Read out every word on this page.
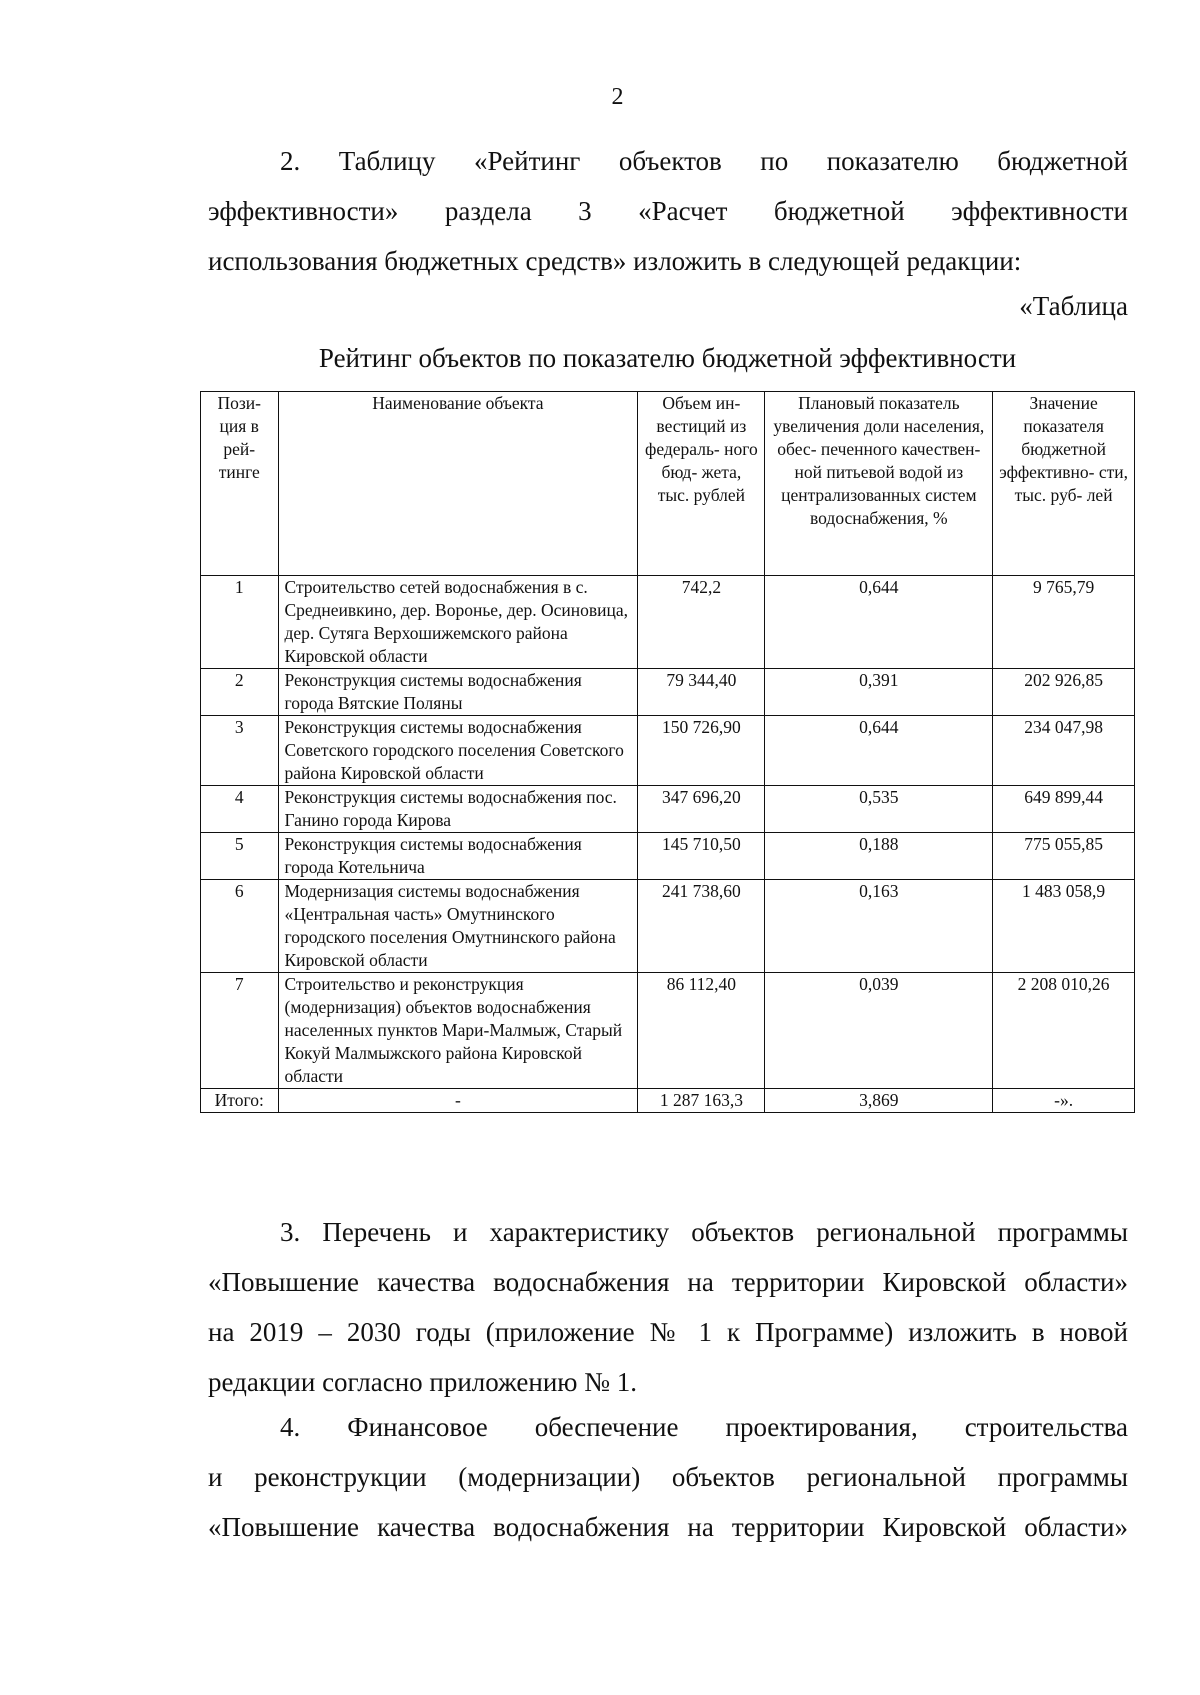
2
2. Таблицу «Рейтинг объектов по показателю бюджетной
эффективности» раздела 3 «Расчет бюджетной эффективности
использования бюджетных средств» изложить в следующей редакции:
«Таблица
Рейтинг объектов по показателю бюджетной эффективности
Пози- ция в рей- тинге	Наименование объекта	Объем ин- вестиций из федераль- ного бюд- жета, тыс. рублей	Плановый показатель увеличения доли населения, обес- печенного качествен- ной питьевой водой из централизованных систем водоснабжения, %	Значение показателя бюджетной эффективно- сти, тыс. руб- лей
1	Строительство сетей водоснабжения в с. Среднеивкино, дер. Воронье, дер. Осиновица, дер. Сутяга Верхошижемского района Кировской области	742,2	0,644	9 765,79
2	Реконструкция системы водоснабжения города Вятские Поляны	79 344,40	0,391	202 926,85
3	Реконструкция системы водоснабжения Советского городского поселения Советского района Кировской области	150 726,90	0,644	234 047,98
4	Реконструкция системы водоснабжения пос. Ганино города Кирова	347 696,20	0,535	649 899,44
5	Реконструкция системы водоснабжения города Котельнича	145 710,50	0,188	775 055,85
6	Модернизация системы водоснабжения «Центральная часть» Омутнинского городского поселения Омутнинского района Кировской области	241 738,60	0,163	1 483 058,9
7	Строительство и реконструкция (модернизация) объектов водоснабжения населенных пунктов Мари-Малмыж, Старый Кокуй Малмыжского района Кировской области	86 112,40	0,039	2 208 010,26
Итого:	-	1 287 163,3	3,869	-».
3. Перечень и характеристику объектов региональной программы
«Повышение качества водоснабжения на территории Кировской области»
на 2019 – 2030 годы (приложение № 1 к Программе) изложить в новой
редакции согласно приложению № 1.
4. Финансовое обеспечение проектирования, строительства
и реконструкции (модернизации) объектов региональной программы
«Повышение качества водоснабжения на территории Кировской области»
